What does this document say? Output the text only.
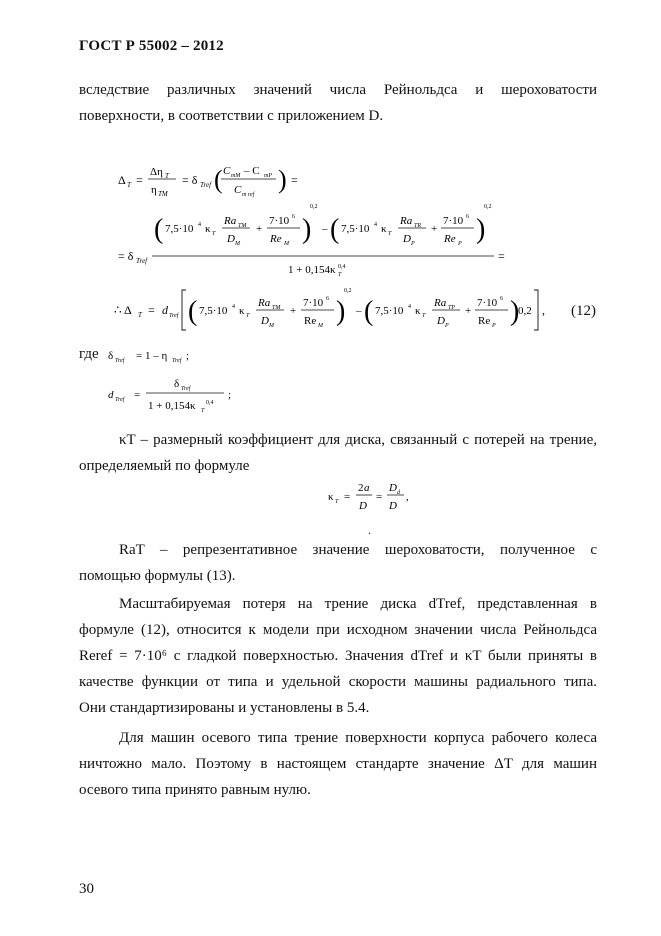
ГОСТ Р 55002 – 2012
вследствие различных значений числа Рейнольдса и шероховатости
поверхности, в соответствии с приложением D.
Δ T =
Δη T
η TM
= δ Tref ( C mM – C mP
C m ref
) =
= δ Tref
( 7,5·10 4 κ T
Ra TM
D M
+
7·10 6
Re M )
0,2
– ( 7,5·10 4 κ T
Ra TR
D P
+
7·10 6
Re P )
0,2
1 + 0,154κ T
0,4
=
∴ Δ T = d Tref ( 7,5·10 4 κ T
Ra TM
D M
+
7·10 6
Re M )
0,2
– ( 7,5·10 4 κ T
Ra TP
D P
+
7·10 6
Re P )
0,2 , (12)
где δ Tref = 1 – η Tref ;
d Tref =
δ Tref
1 + 0,154κ T
0,4
;
κT – размерный коэффициент для диска, связанный с потерей на трение,
определяемый по формуле
κ T =
2 a
D
=
D d
D
,
.
RaT – репрезентативное значение шероховатости, полученное с
помощью формулы (13).
Масштабируемая потеря на трение диска dTref, представленная в
формуле (12), относится к модели при исходном значении числа Рейнольдса
Reref = 7·10⁶ с гладкой поверхностью. Значения dTref и κT были приняты в
качестве функции от типа и удельной скорости машины радиального типа.
Они стандартизированы и установлены в 5.4.
Для машин осевого типа трение поверхности корпуса рабочего колеса
ничтожно мало. Поэтому в настоящем стандарте значение ΔT для машин
осевого типа принято равным нулю.
30
